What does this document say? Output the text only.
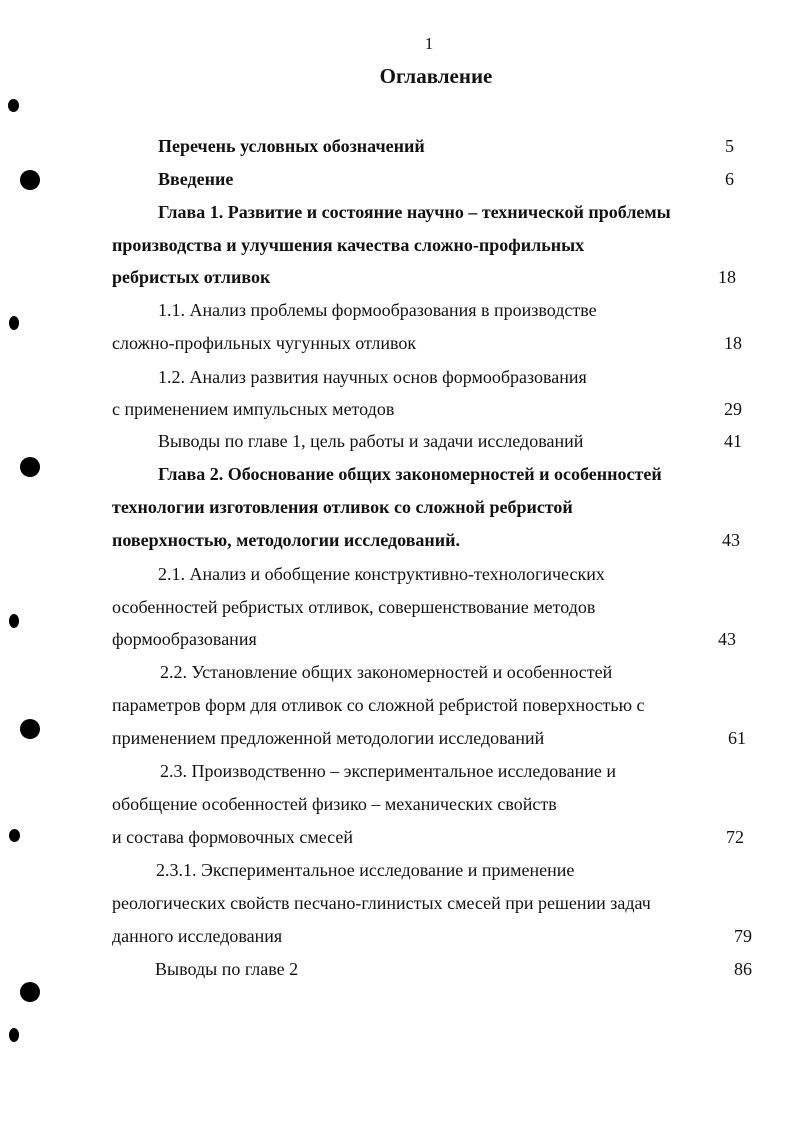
1
Оглавление
Перечень условных обозначений	5
Введение	6
Глава 1. Развитие и состояние научно – технической проблемы
производства и улучшения качества сложно-профильных
ребристых отливок	18
1.1. Анализ проблемы формообразования в производстве
сложно-профильных чугунных отливок	18
1.2. Анализ развития научных основ формообразования
с применением импульсных методов	29
Выводы по главе 1, цель работы и задачи исследований	41
Глава 2. Обоснование общих закономерностей и особенностей
технологии изготовления отливок со сложной ребристой
поверхностью, методологии исследований.	43
2.1. Анализ и обобщение конструктивно-технологических
особенностей ребристых отливок, совершенствование методов
формообразования	43
2.2. Установление общих закономерностей и особенностей
параметров форм для отливок со сложной ребристой поверхностью с
применением предложенной методологии исследований	61
2.3. Производственно – экспериментальное исследование и
обобщение особенностей физико – механических свойств
и состава формовочных смесей	72
2.3.1. Экспериментальное исследование и применение
реологических свойств песчано-глинистых смесей при решении задач
данного исследования	79
Выводы по главе 2	86
